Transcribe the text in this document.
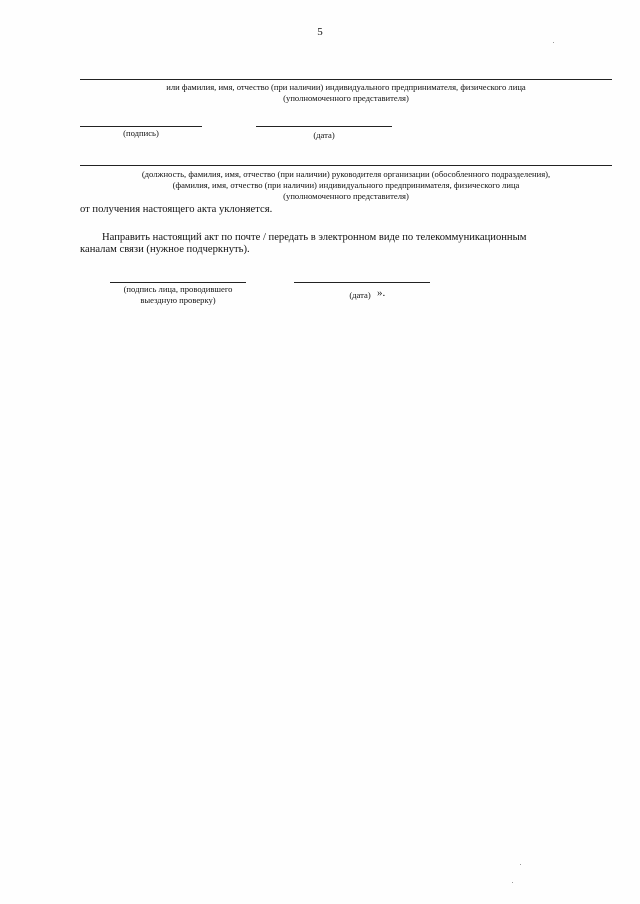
5
или фамилия, имя, отчество (при наличии) индивидуального предпринимателя, физического лица
(уполномоченного представителя)
(подпись)	(дата)
(должность, фамилия, имя, отчество (при наличии) руководителя организации (обособленного подразделения),
(фамилия, имя, отчество (при наличии) индивидуального предпринимателя, физического лица
(уполномоченного представителя)
от получения настоящего акта уклоняется.
Направить настоящий акт по почте / передать в электронном виде по телекоммуникационным
каналам связи (нужное подчеркнуть).
(подпись лица, проводившего
выездную проверку)	(дата) ».
